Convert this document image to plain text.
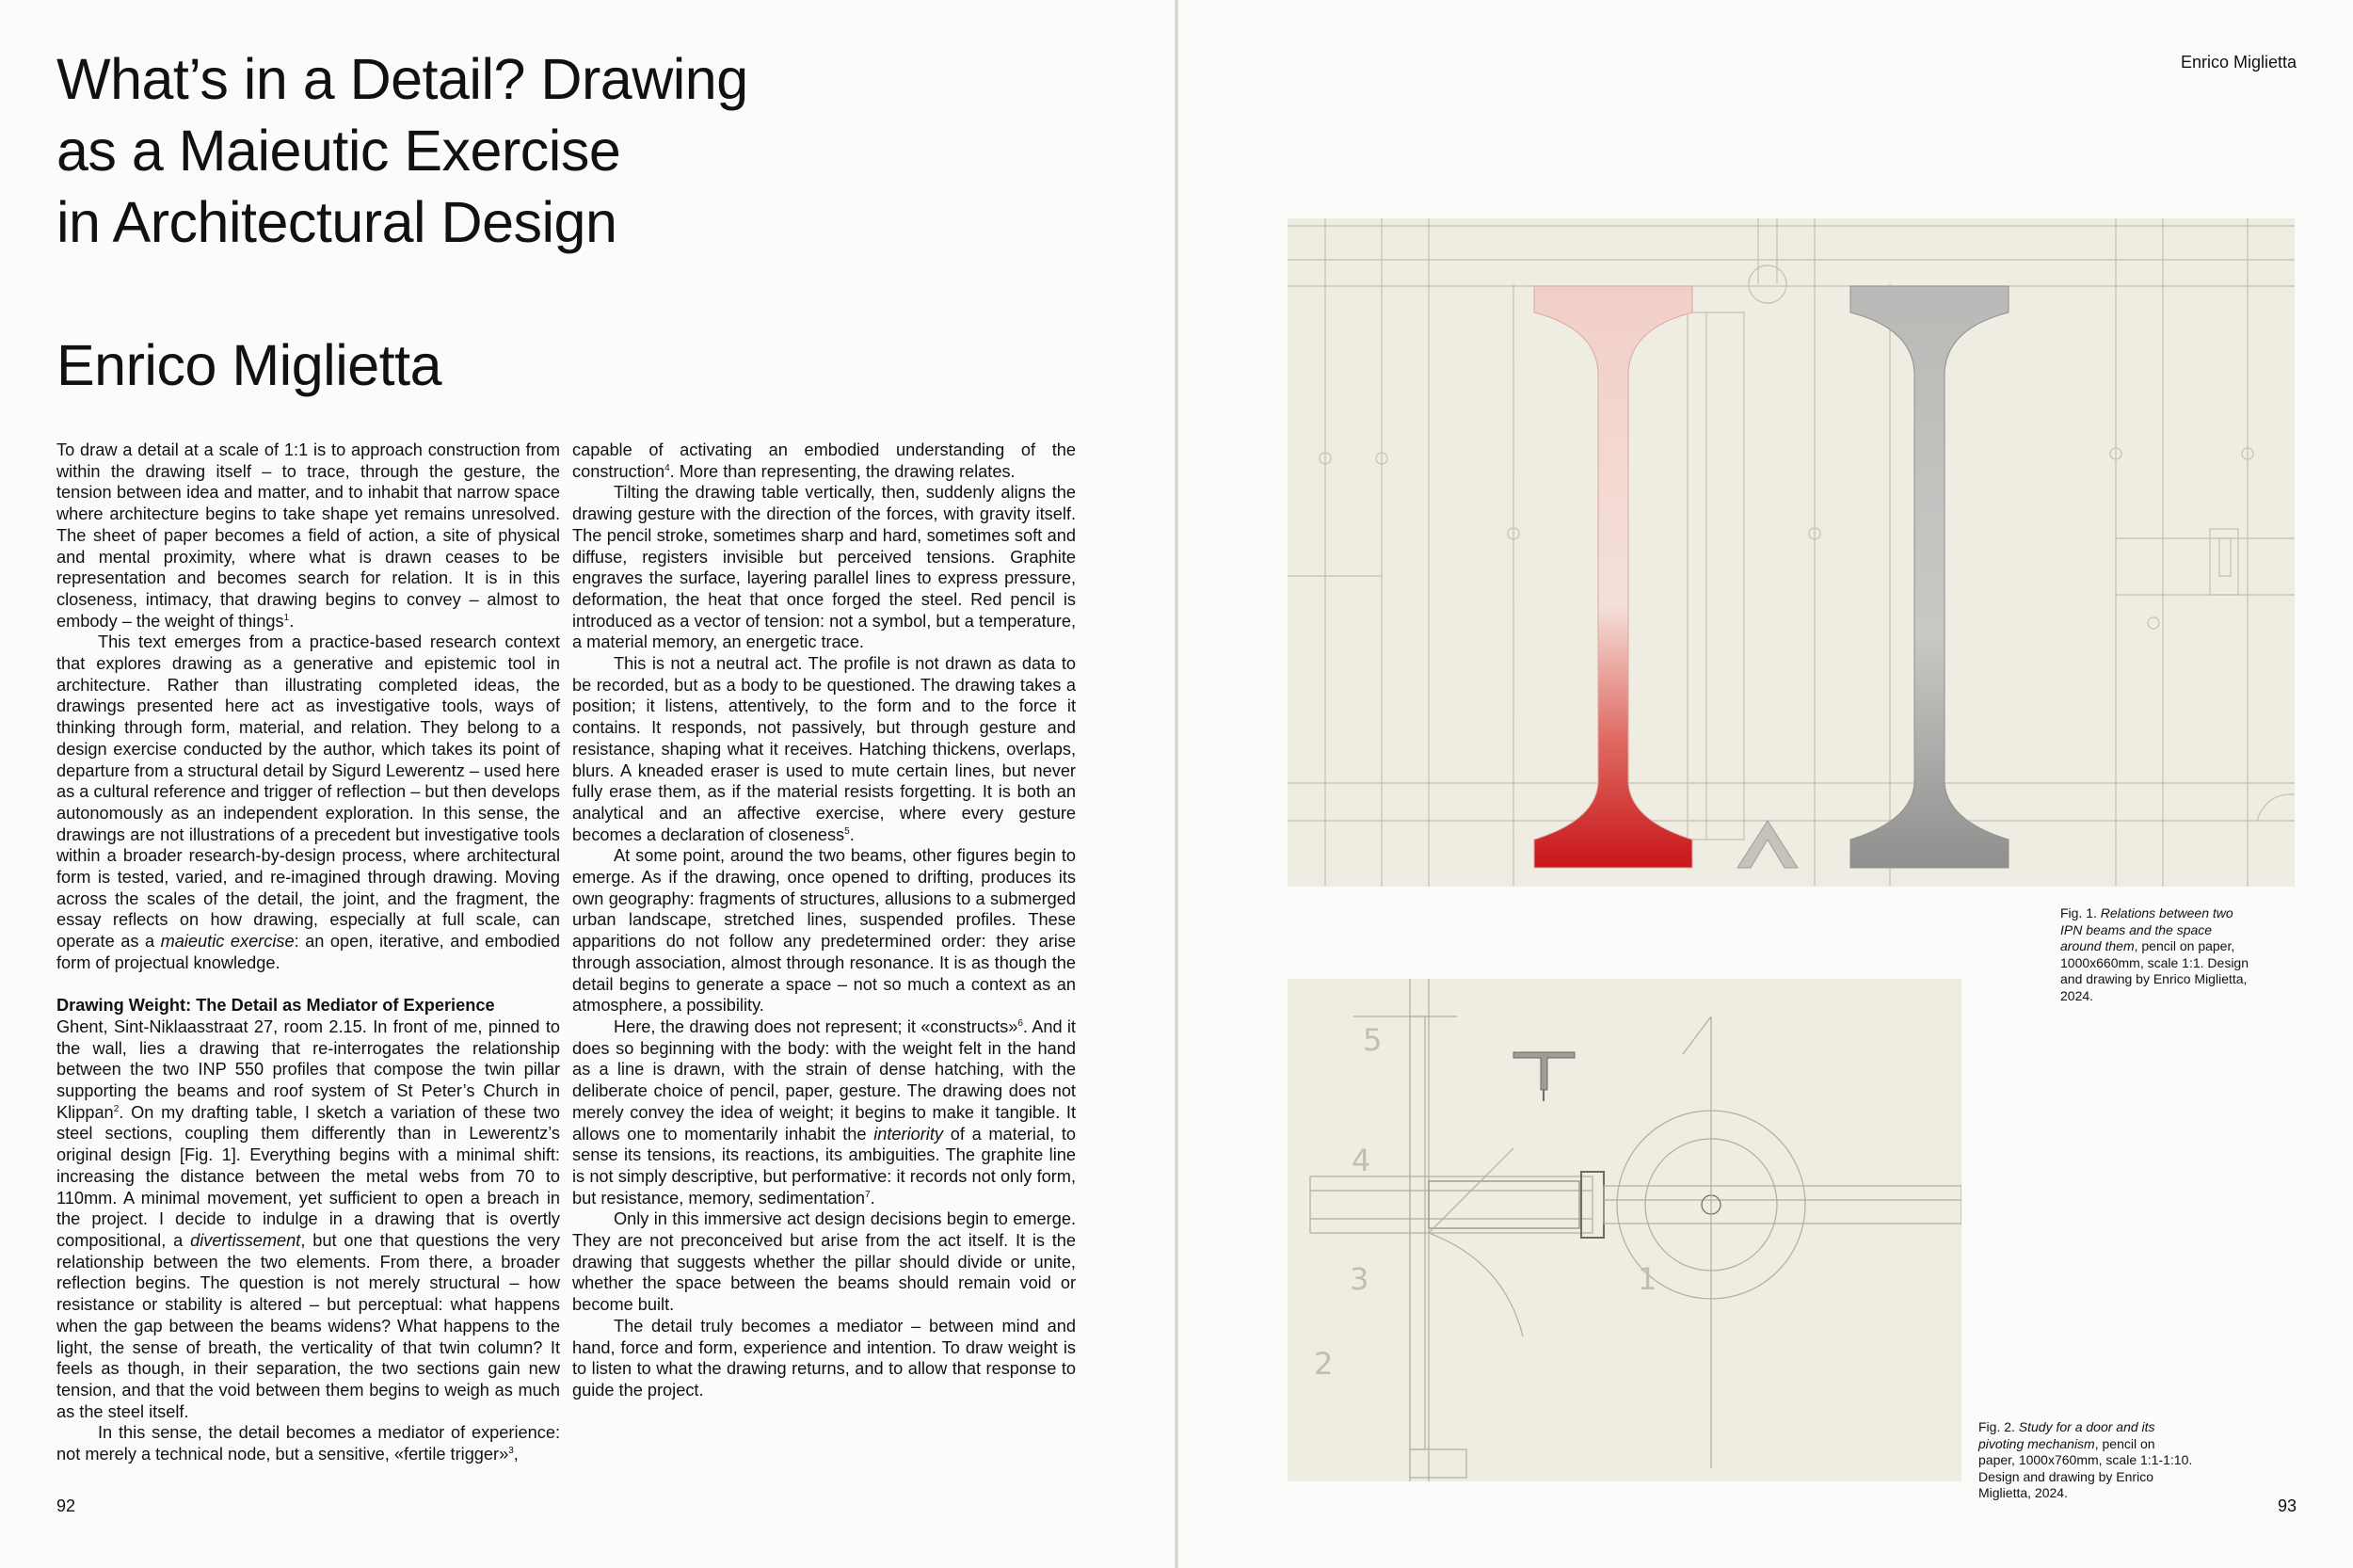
What’s in a Detail? Drawing
as a Maieutic Exercise
in Architectural Design
Enrico Miglietta

To draw a detail at a scale of 1:1 is to approach construction from within the drawing itself – to trace, through the gesture, the tension between idea and matter, and to inhabit that narrow space where architecture begins to take shape yet remains unresolved. The sheet of paper becomes a field of action, a site of physical and mental proximity, where what is drawn ceases to be representation and becomes search for relation. It is in this closeness, intimacy, that drawing begins to convey – almost to embody – the weight of things$^1$.

This text emerges from a practice-based research context that explores drawing as a generative and epistemic tool in architecture. Rather than illustrating completed ideas, the drawings presented here act as investigative tools, ways of thinking through form, material, and relation. They belong to a design exercise conducted by the author, which takes its point of departure from a structural detail by Sigurd Lewerentz – used here as a cultural reference and trigger of reflection – but then develops autonomously as an independent exploration. In this sense, the drawings are not illustrations of a precedent but investigative tools within a broader research-by-design process, where architectural form is tested, varied, and re-imagined through drawing. Moving across the scales of the detail, the joint, and the fragment, the essay reflects on how drawing, especially at full scale, can operate as a maieutic exercise: an open, iterative, and embodied form of projectual knowledge.

Drawing Weight: The Detail as Mediator of Experience

Ghent, Sint-Niklaasstraat 27, room 2.15. In front of me, pinned to the wall, lies a drawing that re-interrogates the relationship between the two INP 550 profiles that compose the twin pillar supporting the beams and roof system of St Peter’s Church in Klippan$^2$. On my drafting table, I sketch a variation of these two steel sections, coupling them differently than in Lewerentz’s original design [Fig. 1]. Everything begins with a minimal shift: increasing the distance between the metal webs from 70 to 110mm. A minimal movement, yet sufficient to open a breach in the project. I decide to indulge in a drawing that is overtly compositional, a divertissement, but one that questions the very relationship between the two elements. From there, a broader reflection begins. The question is not merely structural – how resistance or stability is altered – but perceptual: what happens when the gap between the beams widens? What happens to the light, the sense of breath, the verticality of that twin column? It feels as though, in their separation, the two sections gain new tension, and that the void between them begins to weigh as much as the steel itself.

In this sense, the detail becomes a mediator of experience: not merely a technical node, but a sensitive, «fertile trigger»$^3$,

capable of activating an embodied understanding of the construction$^4$. More than representing, the drawing relates.

Tilting the drawing table vertically, then, suddenly aligns the drawing gesture with the direction of the forces, with gravity itself. The pencil stroke, sometimes sharp and hard, sometimes soft and diffuse, registers invisible but perceived tensions. Graphite engraves the surface, layering parallel lines to express pressure, deformation, the heat that once forged the steel. Red pencil is introduced as a vector of tension: not a symbol, but a temperature, a material memory, an energetic trace.

This is not a neutral act. The profile is not drawn as data to be recorded, but as a body to be questioned. The drawing takes a position; it listens, attentively, to the form and to the force it contains. It responds, not passively, but through gesture and resistance, shaping what it receives. Hatching thickens, overlaps, blurs. A kneaded eraser is used to mute certain lines, but never fully erase them, as if the material resists forgetting. It is both an analytical and an affective exercise, where every gesture becomes a declaration of closeness$^5$.

At some point, around the two beams, other figures begin to emerge. As if the drawing, once opened to drifting, produces its own geography: fragments of structures, allusions to a submerged urban landscape, stretched lines, suspended profiles. These apparitions do not follow any predetermined order: they arise through association, almost through resonance. It is as though the detail begins to generate a space – not so much a context as an atmosphere, a possibility.

Here, the drawing does not represent; it «constructs»$^6$. And it does so beginning with the body: with the weight felt in the hand as a line is drawn, with the strain of dense hatching, with the deliberate choice of pencil, paper, gesture. The drawing does not merely convey the idea of weight; it begins to make it tangible. It allows one to momentarily inhabit the interiority of a material, to sense its tensions, its reactions, its ambiguities. The graphite line is not simply descriptive, but performative: it records not only form, but resistance, memory, sedimentation$^7$.

Only in this immersive act design decisions begin to emerge. They are not preconceived but arise from the act itself. It is the drawing that suggests whether the pillar should divide or unite, whether the space between the beams should remain void or become built.

The detail truly becomes a mediator – between mind and hand, force and form, experience and intention. To draw weight is to listen to what the drawing returns, and to allow that response to guide the project.

92
Enrico Miglietta
5
4
3
2
1
Fig. 1. Relations between two IPN beams and the space around them, pencil on paper, 1000x660mm, scale 1:1. Design and drawing by Enrico Miglietta, 2024.
Fig. 2. Study for a door and its pivoting mechanism, pencil on paper, 1000x760mm, scale 1:1-1:10. Design and drawing by Enrico Miglietta, 2024.
93
